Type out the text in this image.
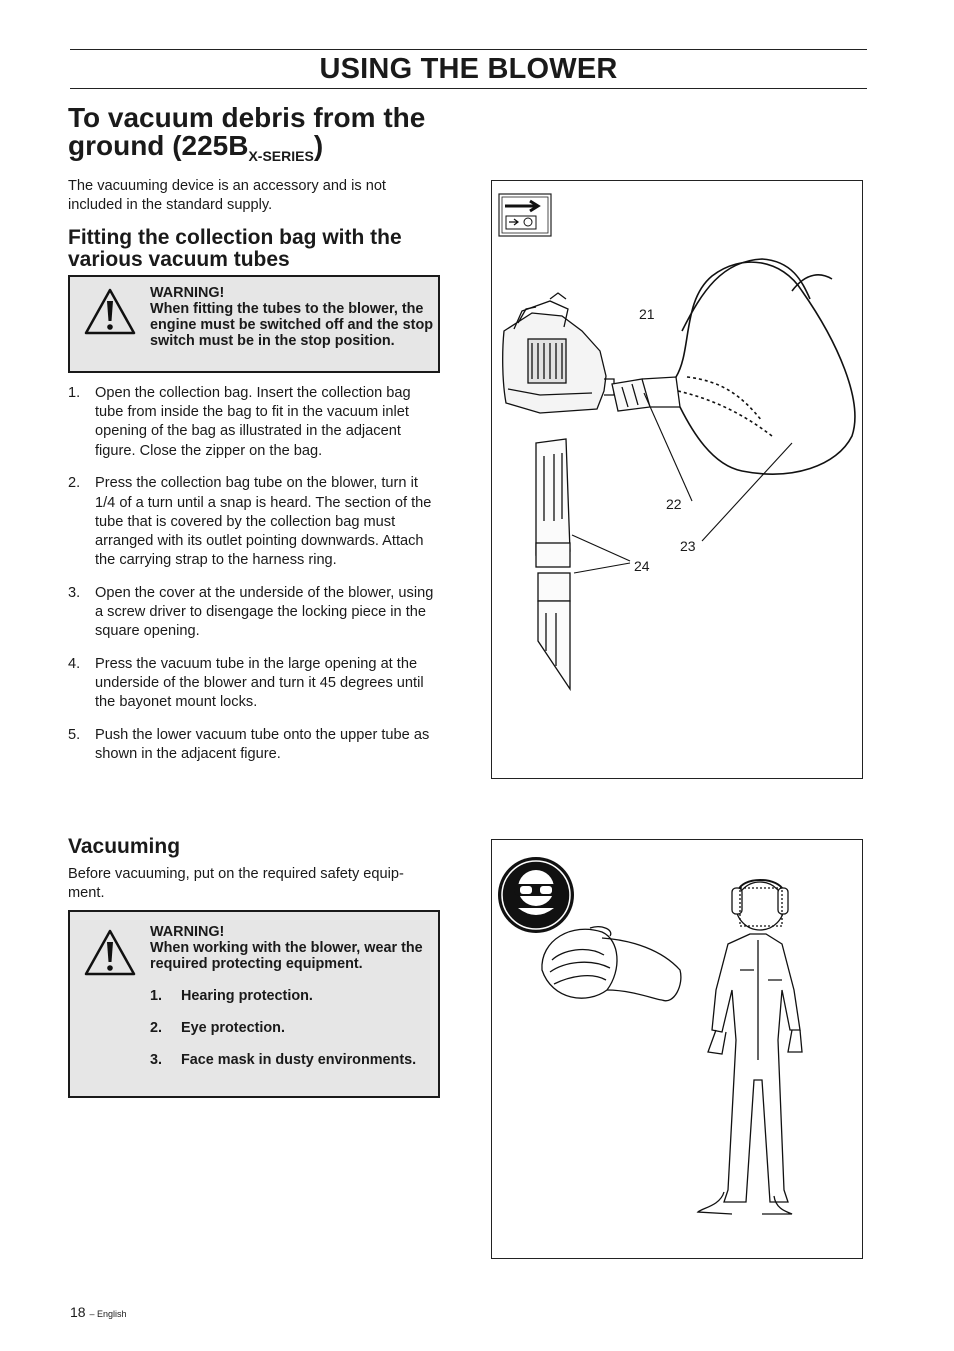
USING THE BLOWER
To vacuum debris from the ground $(225B_{X-SERIES})$
The vacuuming device is an accessory and is not included in the standard supply.
Fitting the collection bag with the various vacuum tubes
WARNING!
When fitting the tubes to the blower, the engine must be switched off and the stop switch must be in the stop position.
1. Open the collection bag. Insert the collection bag tube from inside the bag to fit in the vacuum inlet opening of the bag as illustrated in the adjacent figure. Close the zipper on the bag.
2. Press the collection bag tube on the blower, turn it 1/4 of a turn until a snap is heard. The section of the tube that is covered by the collection bag must arranged with its outlet pointing downwards. Attach the carrying strap to the harness ring.
3. Open the cover at the underside of the blower, using a screw driver to disengage the locking piece in the square opening.
4. Press the vacuum tube in the large opening at the underside of the blower and turn it 45 degrees until the bayonet mount locks.
5. Push the lower vacuum tube onto the upper tube as shown in the adjacent figure.
Vacuuming
Before vacuuming, put on the required safety equip-ment.
WARNING!
When working with the blower, wear the required protecting equipment.
1. Hearing protection.
2. Eye protection.
3. Face mask in dusty environments.
21
22
23
24
18 – English
